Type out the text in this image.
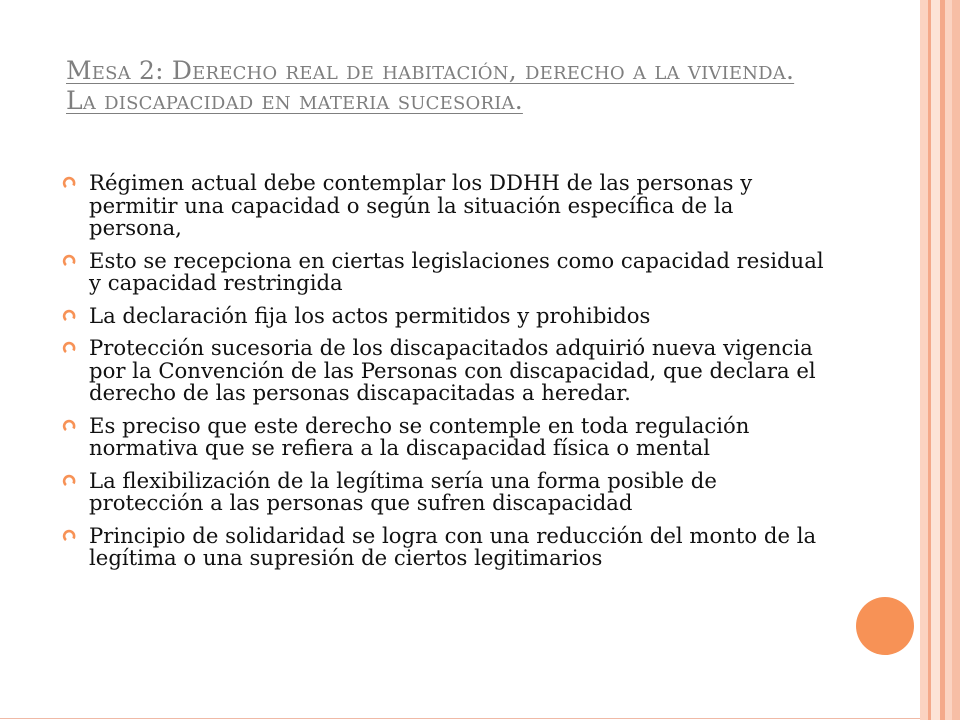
Mesa 2: Derecho real de habitación, derecho a la vivienda.
La discapacidad en materia sucesoria.
Régimen actual debe contemplar los DDHH de las personas y permitir una capacidad o según la situación específica de la persona,
Esto se recepciona en ciertas legislaciones como capacidad residual y capacidad restringida
La declaración fija los actos permitidos y prohibidos
Protección sucesoria de los discapacitados adquirió nueva vigencia por la Convención de las Personas con discapacidad, que declara el derecho de las personas discapacitadas a heredar.
Es preciso que este derecho se contemple en toda regulación normativa que se refiera a la discapacidad física o mental
La flexibilización de la legítima sería una forma posible de protección a las personas que sufren discapacidad
Principio de solidaridad se logra con una reducción del monto de la legítima o una supresión de ciertos legitimarios
